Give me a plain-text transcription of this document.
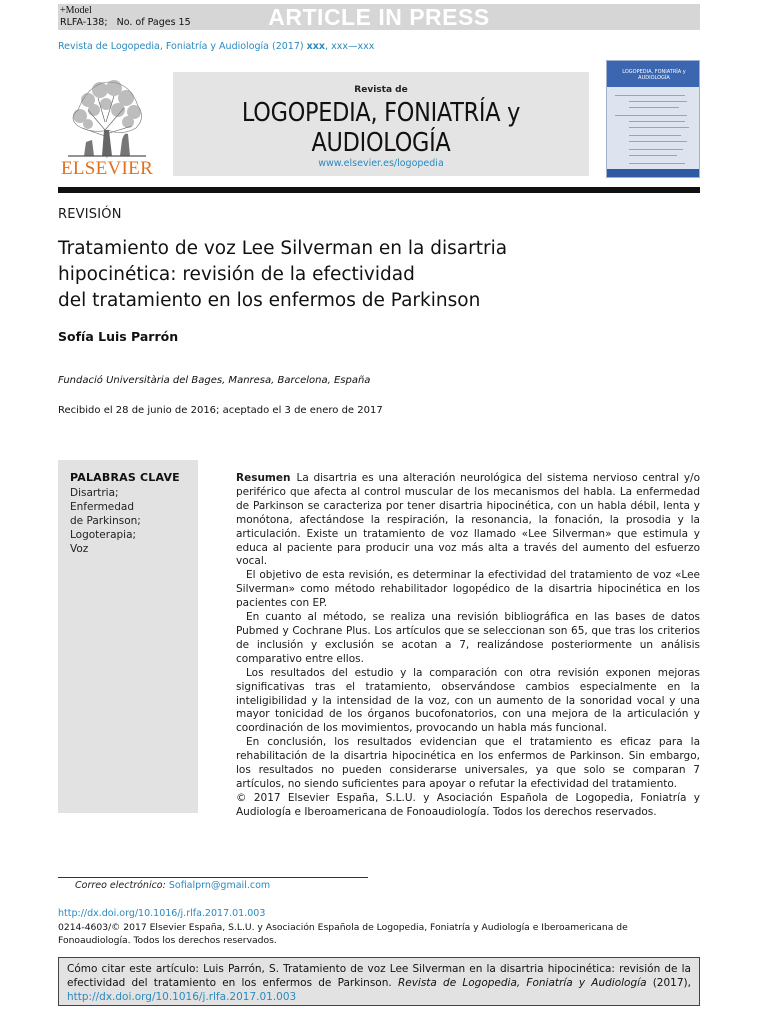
+Model
RLFA-138;   No. of Pages 15	ARTICLE IN PRESS
Revista de Logopedia, Foniatría y Audiología (2017) xxx, xxx—xxx
ELSEVIER
Revista de
LOGOPEDIA, FONIATRÍA y AUDIOLOGÍA
www.elsevier.es/logopedia
LOGOPEDIA, FONIATRÍA y AUDIOLOGÍA
REVISIÓN
Tratamiento de voz Lee Silverman en la disartria
hipocinética: revisión de la efectividad
del tratamiento en los enfermos de Parkinson
Sofía Luis Parrón
Fundació Universitària del Bages, Manresa, Barcelona, España
Recibido el 28 de junio de 2016; aceptado el 3 de enero de 2017
PALABRAS CLAVE
Disartria;
Enfermedad
de Parkinson;
Logoterapia;
Voz

Resumen La disartria es una alteración neurológica del sistema nervioso central y/o periférico que afecta al control muscular de los mecanismos del habla. La enfermedad de Parkinson se caracteriza por tener disartria hipocinética, con un habla débil, lenta y monótona, afectándose la respiración, la resonancia, la fonación, la prosodia y la articulación. Existe un tratamiento de voz llamado «Lee Silverman» que estimula y educa al paciente para producir una voz más alta a través del aumento del esfuerzo vocal.

El objetivo de esta revisión, es determinar la efectividad del tratamiento de voz «Lee Silverman» como método rehabilitador logopédico de la disartria hipocinética en los pacientes con EP.

En cuanto al método, se realiza una revisión bibliográfica en las bases de datos Pubmed y Cochrane Plus. Los artículos que se seleccionan son 65, que tras los criterios de inclusión y exclusión se acotan a 7, realizándose posteriormente un análisis comparativo entre ellos.

Los resultados del estudio y la comparación con otra revisión exponen mejoras significativas tras el tratamiento, observándose cambios especialmente en la inteligibilidad y la intensidad de la voz, con un aumento de la sonoridad vocal y una mayor tonicidad de los órganos bucofonatorios, con una mejora de la articulación y coordinación de los movimientos, provocando un habla más funcional.

En conclusión, los resultados evidencian que el tratamiento es eficaz para la rehabilitación de la disartria hipocinética en los enfermos de Parkinson. Sin embargo, los resultados no pueden considerarse universales, ya que solo se comparan 7 artículos, no siendo suficientes para apoyar o refutar la efectividad del tratamiento.

© 2017 Elsevier España, S.L.U. y Asociación Española de Logopedia, Foniatría y Audiología e Iberoamericana de Fonoaudiología. Todos los derechos reservados.

Correo electrónico: Sofialprn@gmail.com
http://dx.doi.org/10.1016/j.rlfa.2017.01.003
0214-4603/© 2017 Elsevier España, S.L.U. y Asociación Española de Logopedia, Foniatría y Audiología e Iberoamericana de Fonoaudiología. Todos los derechos reservados.
Cómo citar este artículo: Luis Parrón, S. Tratamiento de voz Lee Silverman en la disartria hipocinética: revisión de la efectividad del tratamiento en los enfermos de Parkinson. Revista de Logopedia, Foniatría y Audiología (2017), http://dx.doi.org/10.1016/j.rlfa.2017.01.003
